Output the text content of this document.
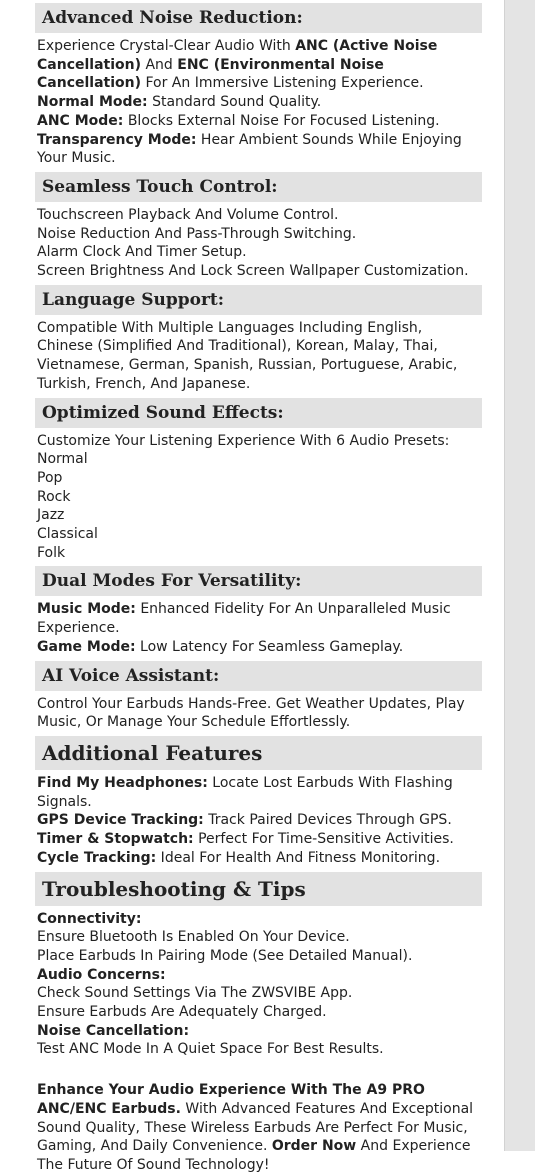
Advanced Noise Reduction:
Experience Crystal-Clear Audio With ANC (Active Noise Cancellation) And ENC (Environmental Noise Cancellation) For An Immersive Listening Experience.
Normal Mode: Standard Sound Quality.
ANC Mode: Blocks External Noise For Focused Listening.
Transparency Mode: Hear Ambient Sounds While Enjoying Your Music.
Seamless Touch Control:
Touchscreen Playback And Volume Control.
Noise Reduction And Pass-Through Switching.
Alarm Clock And Timer Setup.
Screen Brightness And Lock Screen Wallpaper Customization.
Language Support:
Compatible With Multiple Languages Including English, Chinese (Simplified And Traditional), Korean, Malay, Thai, Vietnamese, German, Spanish, Russian, Portuguese, Arabic, Turkish, French, And Japanese.
Optimized Sound Effects:
Customize Your Listening Experience With 6 Audio Presets:
Normal
Pop
Rock
Jazz
Classical
Folk
Dual Modes For Versatility:
Music Mode: Enhanced Fidelity For An Unparalleled Music Experience.
Game Mode: Low Latency For Seamless Gameplay.
AI Voice Assistant:
Control Your Earbuds Hands-Free. Get Weather Updates, Play Music, Or Manage Your Schedule Effortlessly.
Additional Features
Find My Headphones: Locate Lost Earbuds With Flashing Signals.
GPS Device Tracking: Track Paired Devices Through GPS.
Timer & Stopwatch: Perfect For Time-Sensitive Activities.
Cycle Tracking: Ideal For Health And Fitness Monitoring.
Troubleshooting & Tips
Connectivity:
Ensure Bluetooth Is Enabled On Your Device.
Place Earbuds In Pairing Mode (See Detailed Manual).
Audio Concerns:
Check Sound Settings Via The ZWSVIBE App.
Ensure Earbuds Are Adequately Charged.
Noise Cancellation:
Test ANC Mode In A Quiet Space For Best Results.
Enhance Your Audio Experience With The A9 PRO ANC/ENC Earbuds. With Advanced Features And Exceptional Sound Quality, These Wireless Earbuds Are Perfect For Music, Gaming, And Daily Convenience. Order Now And Experience The Future Of Sound Technology!
